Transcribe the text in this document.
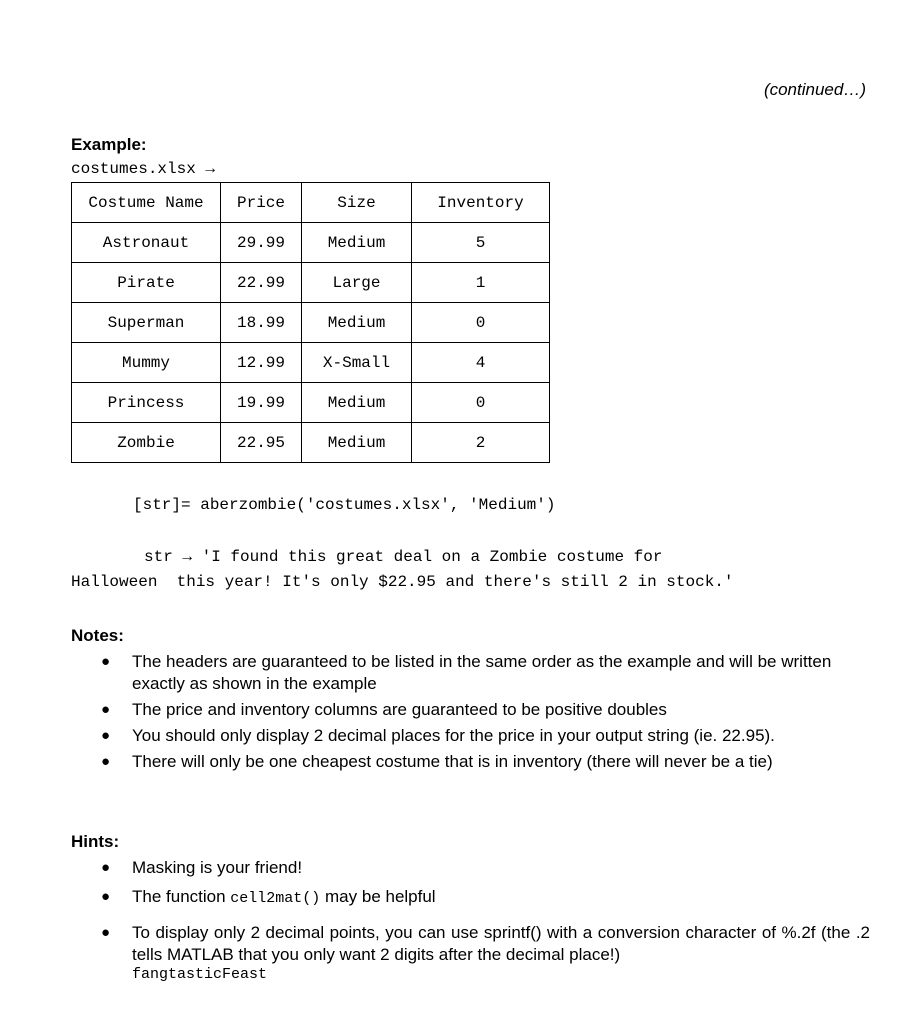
(continued…)
Example:
costumes.xlsx →
Costume Name	Price	Size	Inventory
Astronaut	29.99	Medium	5
Pirate	22.99	Large	1
Superman	18.99	Medium	0
Mummy	12.99	X-Small	4
Princess	19.99	Medium	0
Zombie	22.95	Medium	2
[str]= aberzombie('costumes.xlsx', 'Medium')
str → 'I found this great deal on a Zombie costume for
Halloween  this year! It's only $22.95 and there's still 2 in stock.'
Notes:
● The headers are guaranteed to be listed in the same order as the example and will be written exactly as shown in the example
● The price and inventory columns are guaranteed to be positive doubles
● You should only display 2 decimal places for the price in your output string (ie. 22.95).
● There will only be one cheapest costume that is in inventory (there will never be a tie)
Hints:
● Masking is your friend!
● The function cell2mat() may be helpful
● To display only 2 decimal points, you can use sprintf() with a conversion character of %.2f (the .2 tells MATLAB that you only want 2 digits after the decimal place!)
fangtasticFeast
